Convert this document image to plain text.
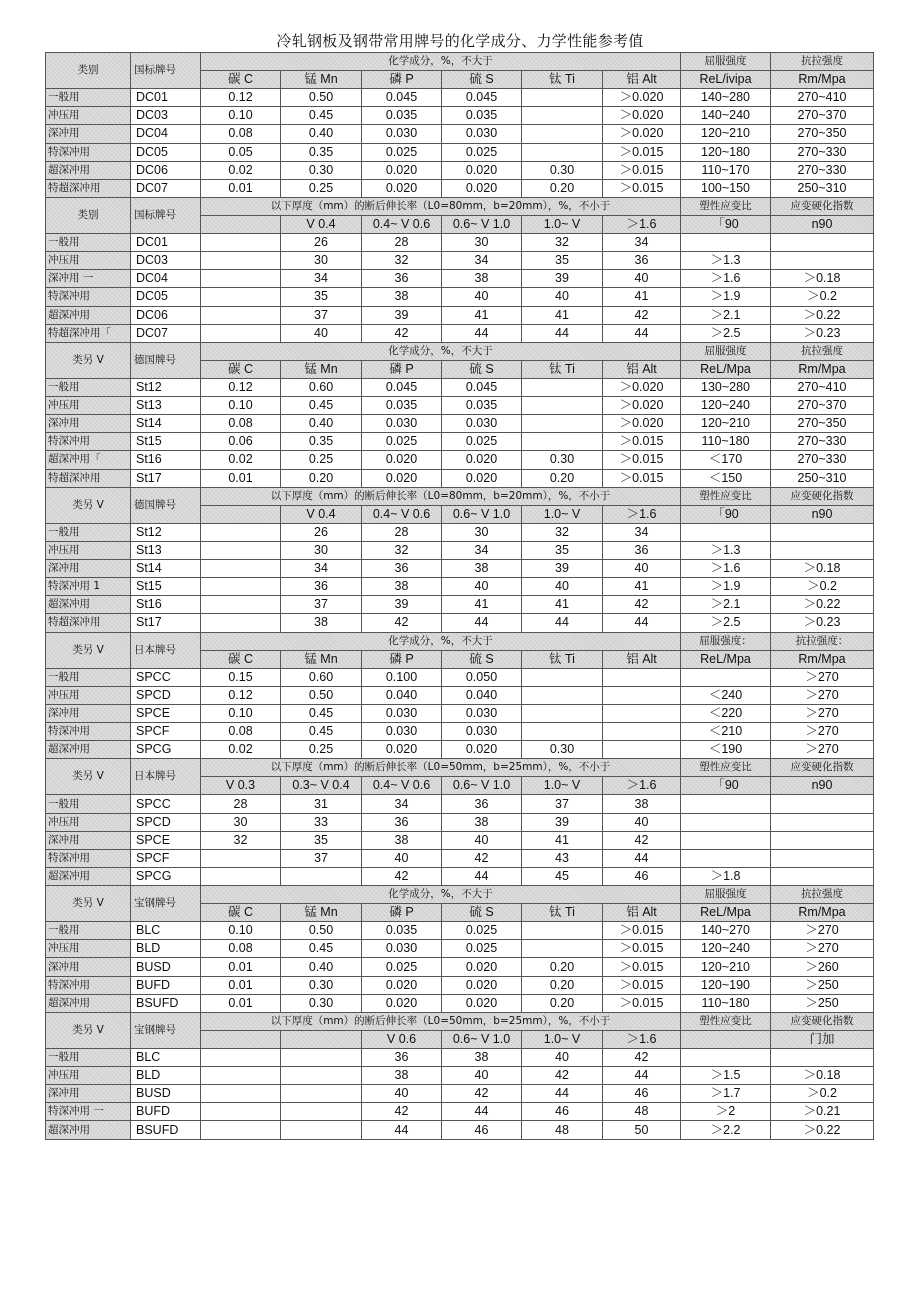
冷轧钢板及钢带常用牌号的化学成分、力学性能参考值
类别	国标牌号	化学成分，%，不大于						屈服强度	抗拉强度
		碳 C	锰 Mn	磷 P	硫 S	钛 Ti	铝 Alt	ReL/ivipa	Rm/Mpa
一般用	DC01	0.12	0.50	0.045	0.045		＞0.020	140~280	270~410
冲压用	DC03	0.10	0.45	0.035	0.035		＞0.020	140~240	270~370
深冲用	DC04	0.08	0.40	0.030	0.030		＞0.020	120~210	270~350
特深冲用	DC05	0.05	0.35	0.025	0.025		＞0.015	120~180	270~330
超深冲用	DC06	0.02	0.30	0.020	0.020	0.30	＞0.015	110~170	270~330
特超深冲用	DC07	0.01	0.25	0.020	0.020	0.20	＞0.015	100~150	250~310
类别	国标牌号	以下厚度（mm）的断后伸长率（L0=80mm，b=20mm），%，不小于						塑性应变比	应变硬化指数
			V 0.4	0.4~ V 0.6	0.6~ V 1.0	1.0~ V	＞1.6	「90	n90
一般用	DC01		26	28	30	32	34		
冲压用	DC03		30	32	34	35	36	＞1.3	
深冲用 一	DC04		34	36	38	39	40	＞1.6	＞0.18
特深冲用	DC05		35	38	40	40	41	＞1.9	＞0.2
超深冲用	DC06		37	39	41	41	42	＞2.1	＞0.22
特超深冲用「	DC07		40	42	44	44	44	＞2.5	＞0.23
类另 V	德国牌号	化学成分，%，不大于						屈服强度	抗拉强度
		碳 C	锰 Mn	磷 P	硫 S	钛 Ti	铝 Alt	ReL/Mpa	Rm/Mpa
一般用	St12	0.12	0.60	0.045	0.045		＞0.020	130~280	270~410
冲压用	St13	0.10	0.45	0.035	0.035		＞0.020	120~240	270~370
深冲用	St14	0.08	0.40	0.030	0.030		＞0.020	120~210	270~350
特深冲用	St15	0.06	0.35	0.025	0.025		＞0.015	110~180	270~330
超深冲用「	St16	0.02	0.25	0.020	0.020	0.30	＞0.015	＜170	270~330
特超深冲用	St17	0.01	0.20	0.020	0.020	0.20	＞0.015	＜150	250~310
类另 V	德国牌号	以下厚度（mm）的断后伸长率（L0=80mm，b=20mm），%，不小于						塑性应变比	应变硬化指数
			V 0.4	0.4~ V 0.6	0.6~ V 1.0	1.0~ V	＞1.6	「90	n90
一般用	St12		26	28	30	32	34		
冲压用	St13		30	32	34	35	36	＞1.3	
深冲用	St14		34	36	38	39	40	＞1.6	＞0.18
特深冲用 1	St15		36	38	40	40	41	＞1.9	＞0.2
超深冲用	St16		37	39	41	41	42	＞2.1	＞0.22
特超深冲用	St17		38	42	44	44	44	＞2.5	＞0.23
类另 V	日本牌号	化学成分，%，不大于						屈服强度：	抗拉强度：
		碳 C	锰 Mn	磷 P	硫 S	钛 Ti	铝 Alt	ReL/Mpa	Rm/Mpa
一般用	SPCC	0.15	0.60	0.100	0.050				＞270
冲压用	SPCD	0.12	0.50	0.040	0.040			＜240	＞270
深冲用	SPCE	0.10	0.45	0.030	0.030			＜220	＞270
特深冲用	SPCF	0.08	0.45	0.030	0.030			＜210	＞270
超深冲用	SPCG	0.02	0.25	0.020	0.020	0.30		＜190	＞270
类另 V	日本牌号	以下厚度（mm）的断后伸长率（L0=50mm，b=25mm），%，不小于						塑性应变比	应变硬化指数
		V 0.3	0.3~ V 0.4	0.4~ V 0.6	0.6~ V 1.0	1.0~ V	＞1.6	「90	n90
一般用	SPCC	28	31	34	36	37	38		
冲压用	SPCD	30	33	36	38	39	40		
深冲用	SPCE	32	35	38	40	41	42		
特深冲用	SPCF		37	40	42	43	44		
超深冲用	SPCG			42	44	45	46	＞1.8	
类另 V	宝钢牌号	化学成分，%，不大于						屈服强度	抗拉强度
		碳 C	锰 Mn	磷 P	硫 S	钛 Ti	铝 Alt	ReL/Mpa	Rm/Mpa
一般用	BLC	0.10	0.50	0.035	0.025		＞0.015	140~270	＞270
冲压用	BLD	0.08	0.45	0.030	0.025		＞0.015	120~240	＞270
深冲用	BUSD	0.01	0.40	0.025	0.020	0.20	＞0.015	120~210	＞260
特深冲用	BUFD	0.01	0.30	0.020	0.020	0.20	＞0.015	120~190	＞250
超深冲用	BSUFD	0.01	0.30	0.020	0.020	0.20	＞0.015	110~180	＞250
类另 V	宝钢牌号	以下厚度（mm）的断后伸长率（L0=50mm，b=25mm），%，不小于						塑性应变比	应变硬化指数
				V 0.6	0.6~ V 1.0	1.0~ V	＞1.6		门加
一般用	BLC			36	38	40	42		
冲压用	BLD			38	40	42	44	＞1.5	＞0.18
深冲用	BUSD			40	42	44	46	＞1.7	＞0.2
特深冲用 一	BUFD			42	44	46	48	＞2	＞0.21
超深冲用	BSUFD			44	46	48	50	＞2.2	＞0.22
